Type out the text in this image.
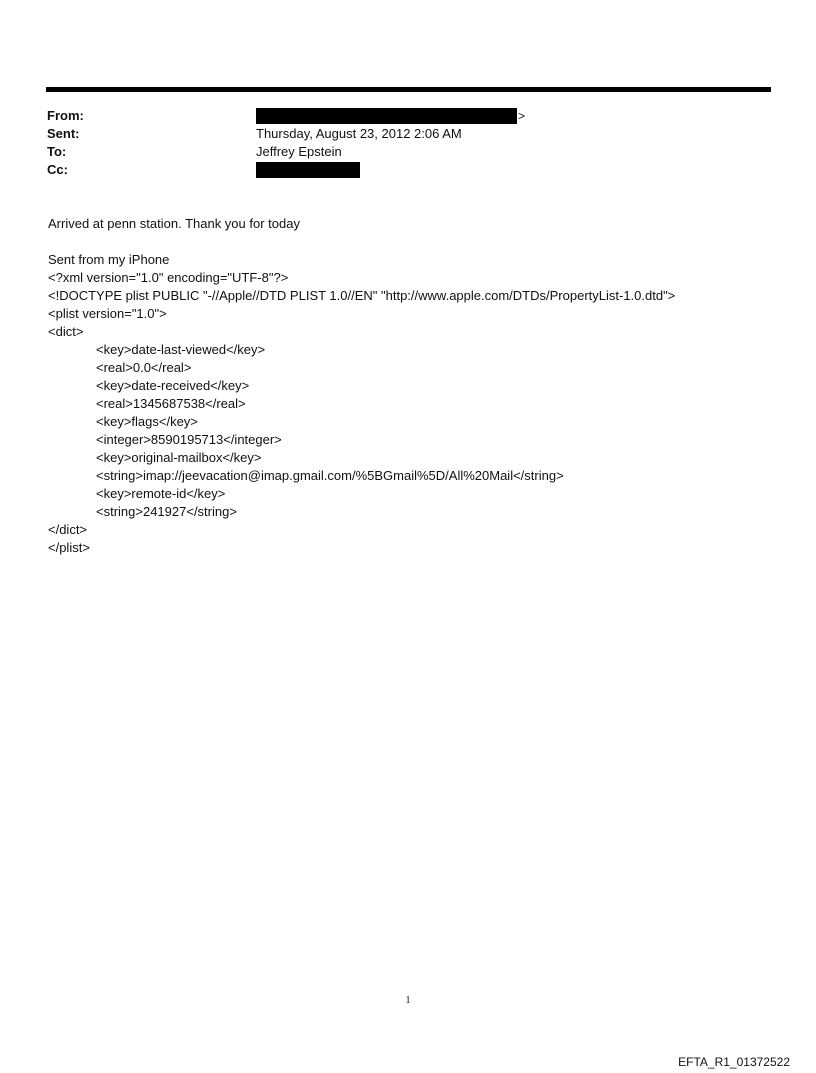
From:	>
Sent:	Thursday, August 23, 2012 2:06 AM
To:	Jeffrey Epstein
Cc:
Arrived at penn station. Thank you for today
Sent from my iPhone
<?xml version="1.0" encoding="UTF-8"?>
<!DOCTYPE plist PUBLIC "-//Apple//DTD PLIST 1.0//EN" "http://www.apple.com/DTDs/PropertyList-1.0.dtd">
<plist version="1.0">
<dict>
<key>date-last-viewed</key>
<real>0.0</real>
<key>date-received</key>
<real>1345687538</real>
<key>flags</key>
<integer>8590195713</integer>
<key>original-mailbox</key>
<string>imap://jeevacation@imap.gmail.com/%5BGmail%5D/All%20Mail</string>
<key>remote-id</key>
<string>241927</string>
</dict>
</plist>
1
EFTA_R1_01372522
